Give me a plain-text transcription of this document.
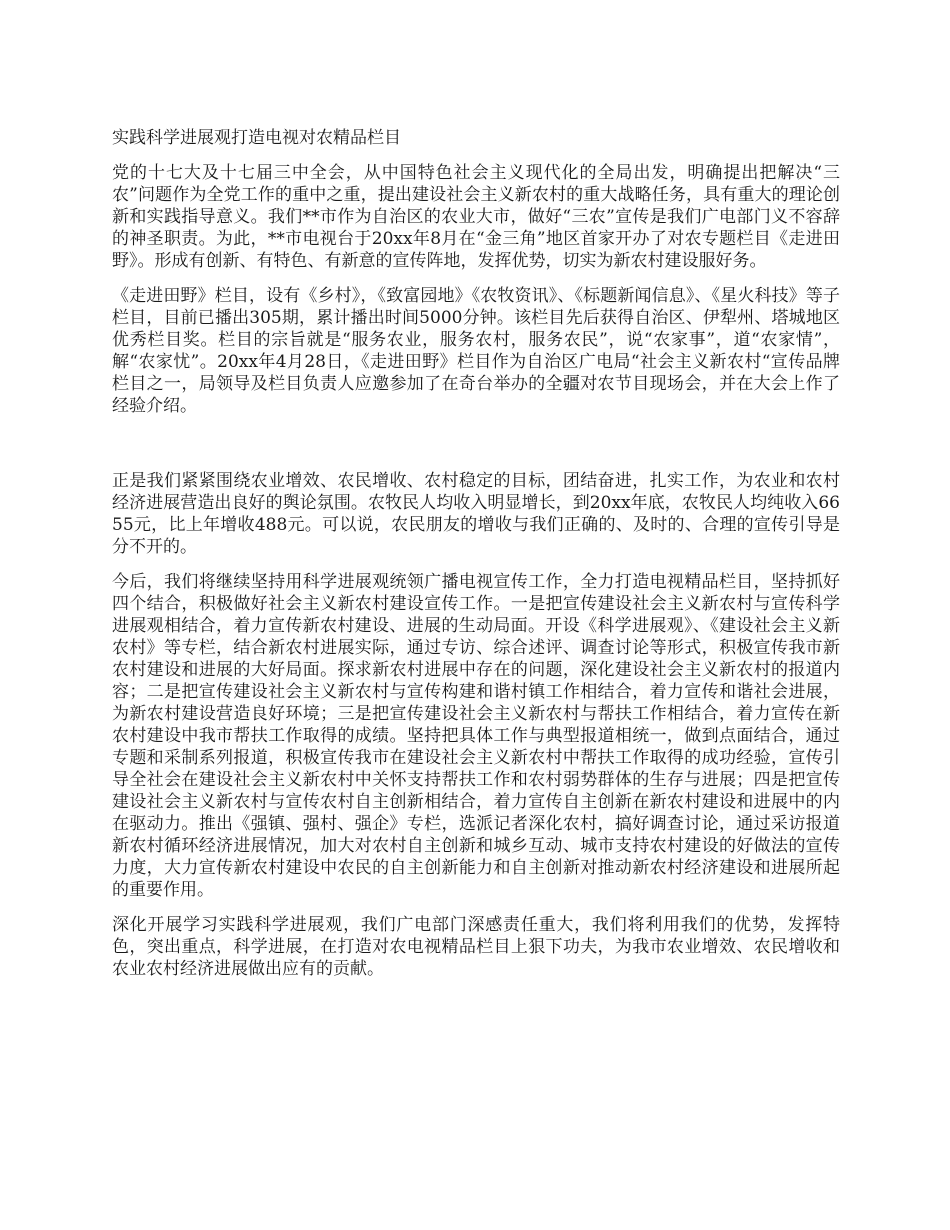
实践科学进展观打造电视对农精品栏目

党的十七大及十七届三中全会，从中国特色社会主义现代化的全局出发，明确提出把解决“三农”问题作为全党工作的重中之重，提出建设社会主义新农村的重大战略任务，具有重大的理论创新和实践指导意义。我们**市作为自治区的农业大市，做好“三农”宣传是我们广电部门义不容辞的神圣职责。为此，**市电视台于20xx年8月在“金三角”地区首家开办了对农专题栏目《走进田野》。形成有创新、有特色、有新意的宣传阵地，发挥优势，切实为新农村建设服好务。

《走进田野》栏目，设有《乡村》，《致富园地》《农牧资讯》、《标题新闻信息》、《星火科技》等子栏目，目前已播出305期，累计播出时间5000分钟。该栏目先后获得自治区、伊犁州、塔城地区优秀栏目奖。栏目的宗旨就是“服务农业，服务农村，服务农民”，说“农家事”，道“农家情”，解“农家忧”。20xx年4月28日，《走进田野》栏目作为自治区广电局“社会主义新农村“宣传品牌栏目之一，局领导及栏目负责人应邀参加了在奇台举办的全疆对农节目现场会，并在大会上作了经验介绍。

正是我们紧紧围绕农业增效、农民增收、农村稳定的目标，团结奋进，扎实工作，为农业和农村经济进展营造出良好的舆论氛围。农牧民人均收入明显增长，到20xx年底，农牧民人均纯收入6655元，比上年增收488元。可以说，农民朋友的增收与我们正确的、及时的、合理的宣传引导是分不开的。

今后，我们将继续坚持用科学进展观统领广播电视宣传工作，全力打造电视精品栏目，坚持抓好四个结合，积极做好社会主义新农村建设宣传工作。一是把宣传建设社会主义新农村与宣传科学进展观相结合，着力宣传新农村建设、进展的生动局面。开设《科学进展观》、《建设社会主义新农村》等专栏，结合新农村进展实际，通过专访、综合述评、调查讨论等形式，积极宣传我市新农村建设和进展的大好局面。探求新农村进展中存在的问题，深化建设社会主义新农村的报道内容；二是把宣传建设社会主义新农村与宣传构建和谐村镇工作相结合，着力宣传和谐社会进展，为新农村建设营造良好环境；三是把宣传建设社会主义新农村与帮扶工作相结合，着力宣传在新农村建设中我市帮扶工作取得的成绩。坚持把具体工作与典型报道相统一，做到点面结合，通过专题和采制系列报道，积极宣传我市在建设社会主义新农村中帮扶工作取得的成功经验，宣传引导全社会在建设社会主义新农村中关怀支持帮扶工作和农村弱势群体的生存与进展；四是把宣传建设社会主义新农村与宣传农村自主创新相结合，着力宣传自主创新在新农村建设和进展中的内在驱动力。推出《强镇、强村、强企》专栏，选派记者深化农村，搞好调查讨论，通过采访报道新农村循环经济进展情况，加大对农村自主创新和城乡互动、城市支持农村建设的好做法的宣传力度，大力宣传新农村建设中农民的自主创新能力和自主创新对推动新农村经济建设和进展所起的重要作用。

深化开展学习实践科学进展观，我们广电部门深感责任重大，我们将利用我们的优势，发挥特色，突出重点，科学进展，在打造对农电视精品栏目上狠下功夫，为我市农业增效、农民增收和农业农村经济进展做出应有的贡献。
